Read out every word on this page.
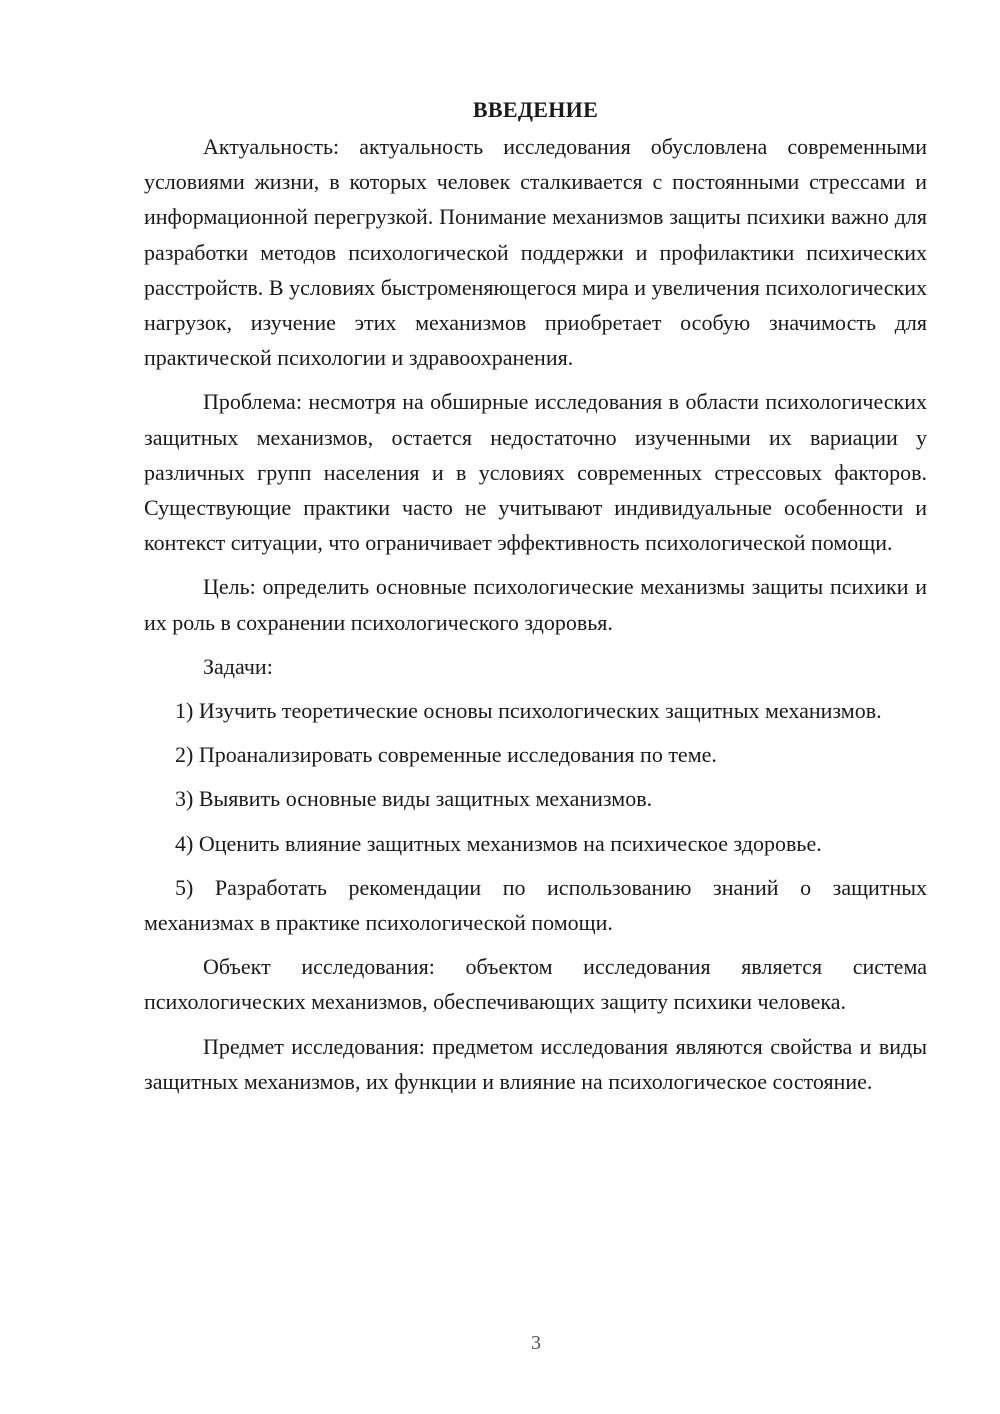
ВВЕДЕНИЕ

Актуальность: актуальность исследования обусловлена современными условиями жизни, в которых человек сталкивается с постоянными стрессами и информационной перегрузкой. Понимание механизмов защиты психики важно для разработки методов психологической поддержки и профилактики психических расстройств. В условиях быстроменяющегося мира и увеличения психологических нагрузок, изучение этих механизмов приобретает особую значимость для практической психологии и здравоохранения.

Проблема: несмотря на обширные исследования в области психологических защитных механизмов, остается недостаточно изученными их вариации у различных групп населения и в условиях современных стрессовых факторов. Существующие практики часто не учитывают индивидуальные особенности и контекст ситуации, что ограничивает эффективность психологической помощи.

Цель: определить основные психологические механизмы защиты психики и их роль в сохранении психологического здоровья.

Задачи:

1) Изучить теоретические основы психологических защитных механизмов.

2) Проанализировать современные исследования по теме.

3) Выявить основные виды защитных механизмов.

4) Оценить влияние защитных механизмов на психическое здоровье.

5) Разработать рекомендации по использованию знаний о защитных механизмах в практике психологической помощи.

Объект исследования: объектом исследования является система психологических механизмов, обеспечивающих защиту психики человека.

Предмет исследования: предметом исследования являются свойства и виды защитных механизмов, их функции и влияние на психологическое состояние.

3
